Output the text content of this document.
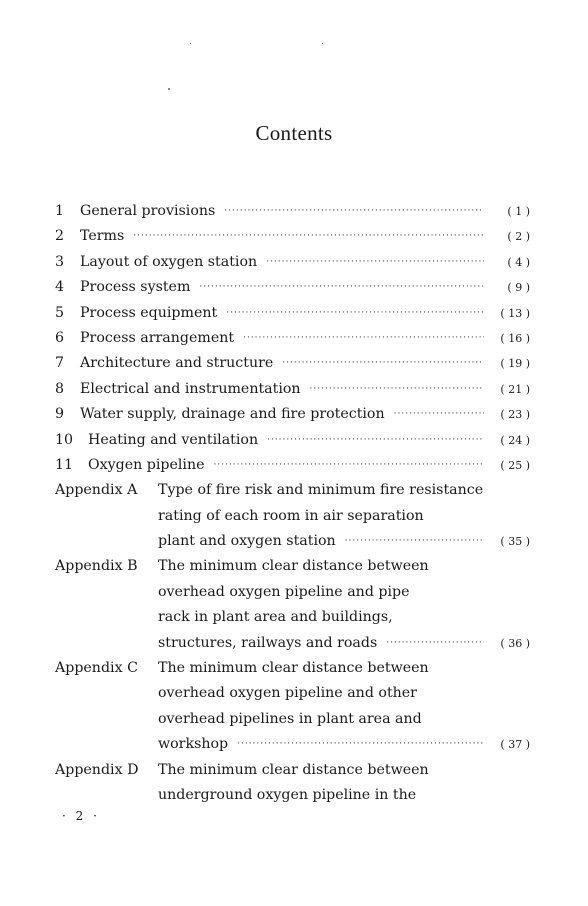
Contents
1	General provisions ·····	( 1 )
2	Terms ·····	( 2 )
3	Layout of oxygen station ·····	( 4 )
4	Process system ·····	( 9 )
5	Process equipment ·····	( 13 )
6	Process arrangement ·····	( 16 )
7	Architecture and structure ·····	( 19 )
8	Electrical and instrumentation ·····	( 21 )
9	Water supply, drainage and fire protection ·····	( 23 )
10	Heating and ventilation ·····	( 24 )
11	Oxygen pipeline ·····	( 25 )
Appendix A	Type of fire risk and minimum fire resistance
rating of each room in air separation
plant and oxygen station ·····	( 35 )
Appendix B	The minimum clear distance between
overhead oxygen pipeline and pipe
rack in plant area and buildings,
structures, railways and roads ·····	( 36 )
Appendix C	The minimum clear distance between
overhead oxygen pipeline and other
overhead pipelines in plant area and
workshop ·····	( 37 )
Appendix D	The minimum clear distance between
underground oxygen pipeline in the
· 2 ·
